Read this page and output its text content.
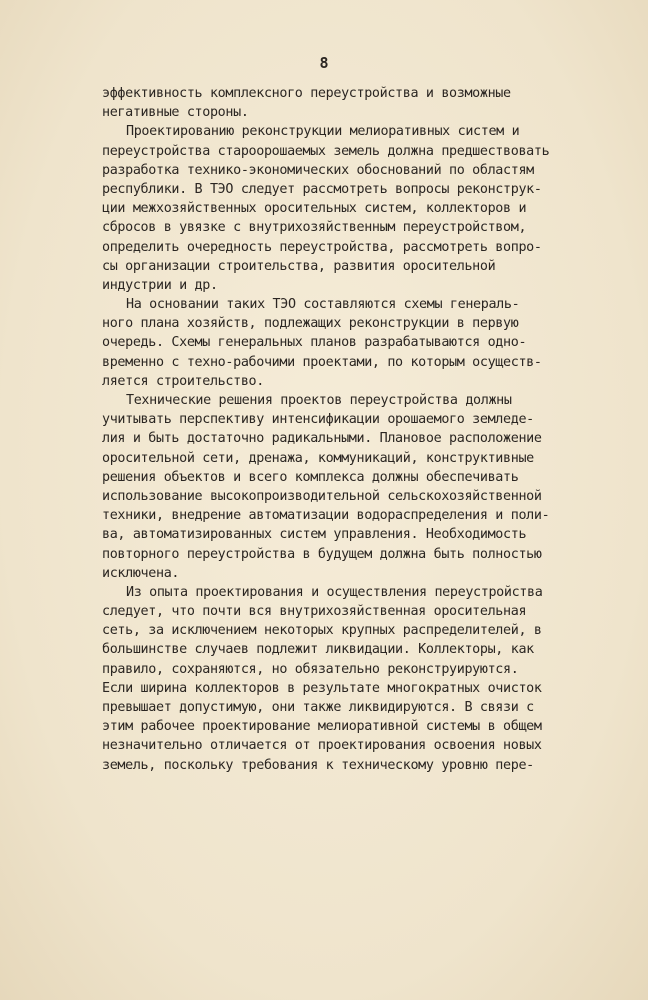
8
эффективность комплексного переустройства и возможные
негативные стороны.
Проектированию реконструкции мелиоративных систем и
переустройства староорошаемых земель должна предшествовать
разработка технико-экономических обоснований по областям
республики. В ТЭО следует рассмотреть вопросы реконструк-
ции межхозяйственных оросительных систем, коллекторов и
сбросов в увязке с внутрихозяйственным переустройством,
определить очередность переустройства, рассмотреть вопро-
сы организации строительства, развития оросительной
индустрии и др.
На основании таких ТЭО составляются схемы генераль-
ного плана хозяйств, подлежащих реконструкции в первую
очередь. Схемы генеральных планов разрабатываются одно-
временно с техно-рабочими проектами, по которым осуществ-
ляется строительство.
Технические решения проектов переустройства должны
учитывать перспективу интенсификации орошаемого земледе-
лия и быть достаточно радикальными. Плановое расположение
оросительной сети, дренажа, коммуникаций, конструктивные
решения объектов и всего комплекса должны обеспечивать
использование высокопроизводительной сельскохозяйственной
техники, внедрение автоматизации водораспределения и поли-
ва, автоматизированных систем управления. Необходимость
повторного переустройства в будущем должна быть полностью
исключена.
Из опыта проектирования и осуществления переустройства
следует, что почти вся внутрихозяйственная оросительная
сеть, за исключением некоторых крупных распределителей, в
большинстве случаев подлежит ликвидации. Коллекторы, как
правило, сохраняются, но обязательно реконструируются.
Если ширина коллекторов в результате многократных очисток
превышает допустимую, они также ликвидируются. В связи с
этим рабочее проектирование мелиоративной системы в общем
незначительно отличается от проектирования освоения новых
земель, поскольку требования к техническому уровню пере-
